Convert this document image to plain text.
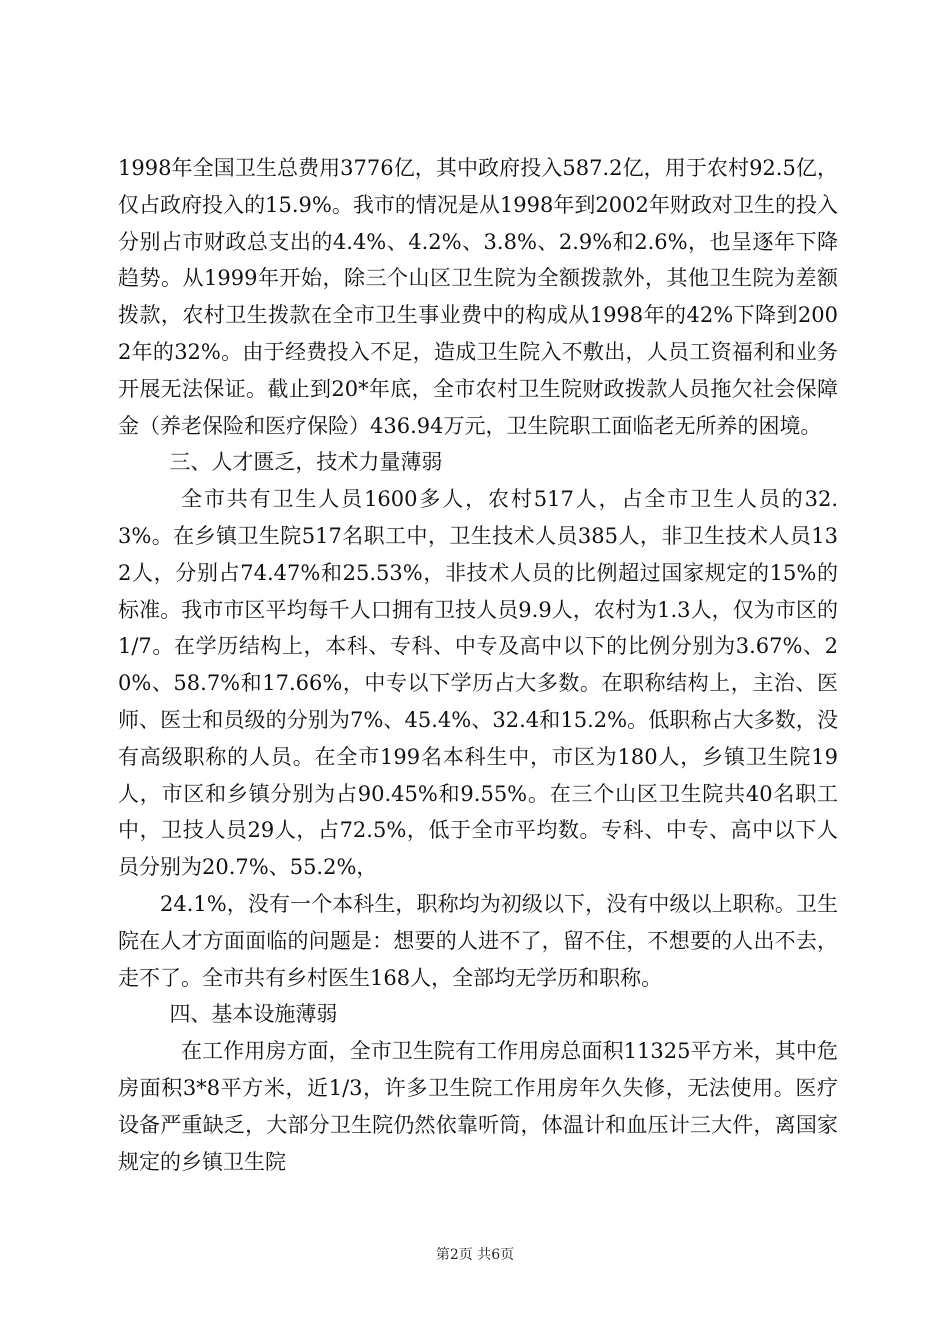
1998年全国卫生总费用3776亿，其中政府投入587.2亿，用于农村92.5亿，仅占政府投入的15.9%。我市的情况是从1998年到2002年财政对卫生的投入分别占市财政总支出的4.4%、4.2%、3.8%、2.9%和2.6%，也呈逐年下降趋势。从1999年开始，除三个山区卫生院为全额拨款外，其他卫生院为差额拨款，农村卫生拨款在全市卫生事业费中的构成从1998年的42%下降到2002年的32%。由于经费投入不足，造成卫生院入不敷出，人员工资福利和业务开展无法保证。截止到20*年底，全市农村卫生院财政拨款人员拖欠社会保障金（养老保险和医疗保险）436.94万元，卫生院职工面临老无所养的困境。

三、人才匮乏，技术力量薄弱

全市共有卫生人员1600多人，农村517人，占全市卫生人员的32.3%。在乡镇卫生院517名职工中，卫生技术人员385人，非卫生技术人员132人，分别占74.47%和25.53%，非技术人员的比例超过国家规定的15%的标准。我市市区平均每千人口拥有卫技人员9.9人，农村为1.3人，仅为市区的1/7。在学历结构上，本科、专科、中专及高中以下的比例分别为3.67%、20%、58.7%和17.66%，中专以下学历占大多数。在职称结构上，主治、医师、医士和员级的分别为7%、45.4%、32.4和15.2%。低职称占大多数，没有高级职称的人员。在全市199名本科生中，市区为180人，乡镇卫生院19人，市区和乡镇分别为占90.45%和9.55%。在三个山区卫生院共40名职工中，卫技人员29人，占72.5%，低于全市平均数。专科、中专、高中以下人员分别为20.7%、55.2%，

24.1%，没有一个本科生，职称均为初级以下，没有中级以上职称。卫生院在人才方面面临的问题是：想要的人进不了，留不住，不想要的人出不去，走不了。全市共有乡村医生168人，全部均无学历和职称。

四、基本设施薄弱

在工作用房方面，全市卫生院有工作用房总面积11325平方米，其中危房面积3*8平方米，近1/3，许多卫生院工作用房年久失修，无法使用。医疗设备严重缺乏，大部分卫生院仍然依靠听筒，体温计和血压计三大件，离国家规定的乡镇卫生院

第2页 共6页
